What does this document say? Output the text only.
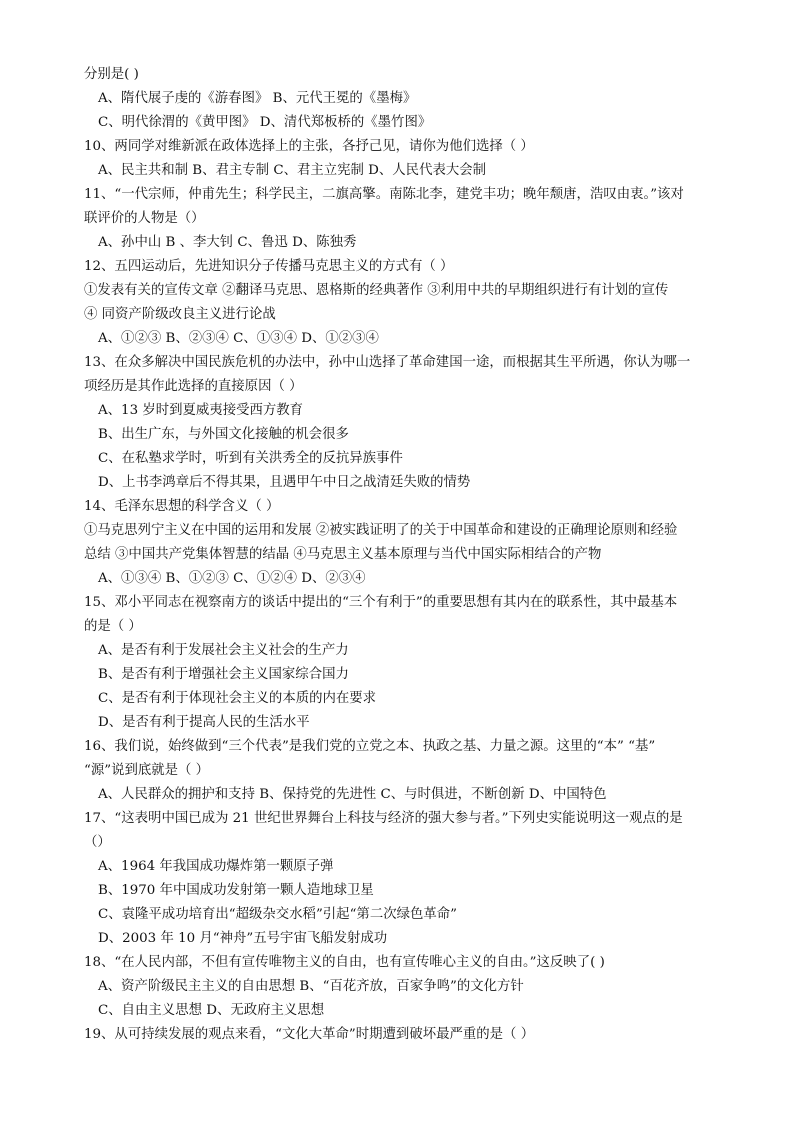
分别是( )
A、隋代展子虔的《游春图》 B、元代王冕的《墨梅》
C、明代徐渭的《黄甲图》 D、清代郑板桥的《墨竹图》
10、两同学对维新派在政体选择上的主张，各抒己见，请你为他们选择（ ）
A、民主共和制 B、君主专制 C、君主立宪制 D、人民代表大会制
11、“一代宗师，仲甫先生；科学民主，二旗高擎。南陈北李，建党丰功；晚年颓唐，浩叹由衷。”该对
联评价的人物是（）
A、孙中山 B 、李大钊 C、鲁迅 D、陈独秀
12、五四运动后，先进知识分子传播马克思主义的方式有（ ）
①发表有关的宣传文章 ②翻译马克思、恩格斯的经典著作 ③利用中共的早期组织进行有计划的宣传
④ 同资产阶级改良主义进行论战
A、①②③ B、②③④ C、①③④ D、①②③④
13、在众多解决中国民族危机的办法中，孙中山选择了革命建国一途，而根据其生平所遇，你认为哪一
项经历是其作此选择的直接原因（ ）
A、13 岁时到夏威夷接受西方教育
B、出生广东，与外国文化接触的机会很多
C、在私塾求学时，听到有关洪秀全的反抗异族事件
D、上书李鸿章后不得其果，且遇甲午中日之战清廷失败的情势
14、毛泽东思想的科学含义（ ）
①马克思列宁主义在中国的运用和发展 ②被实践证明了的关于中国革命和建设的正确理论原则和经验
总结 ③中国共产党集体智慧的结晶 ④马克思主义基本原理与当代中国实际相结合的产物
A、①③④ B、①②③ C、①②④ D、②③④
15、邓小平同志在视察南方的谈话中提出的“三个有利于”的重要思想有其内在的联系性，其中最基本
的是（ ）
A、是否有利于发展社会主义社会的生产力
B、是否有利于增强社会主义国家综合国力
C、是否有利于体现社会主义的本质的内在要求
D、是否有利于提高人民的生活水平
16、我们说，始终做到“三个代表”是我们党的立党之本、执政之基、力量之源。这里的“本” “基”
“源”说到底就是（ ）
A、人民群众的拥护和支持 B、保持党的先进性 C、与时俱进，不断创新 D、中国特色
17、“这表明中国已成为 21 世纪世界舞台上科技与经济的强大参与者。”下列史实能说明这一观点的是
（）
A、1964 年我国成功爆炸第一颗原子弹
B、1970 年中国成功发射第一颗人造地球卫星
C、袁隆平成功培育出“超级杂交水稻”引起“第二次绿色革命”
D、2003 年 10 月“神舟”五号宇宙飞船发射成功
18、“在人民内部，不但有宣传唯物主义的自由，也有宣传唯心主义的自由。”这反映了( )
A、资产阶级民主主义的自由思想 B、“百花齐放，百家争鸣”的文化方针
C、自由主义思想 D、无政府主义思想
19、从可持续发展的观点来看，“文化大革命”时期遭到破坏最严重的是（ ）
